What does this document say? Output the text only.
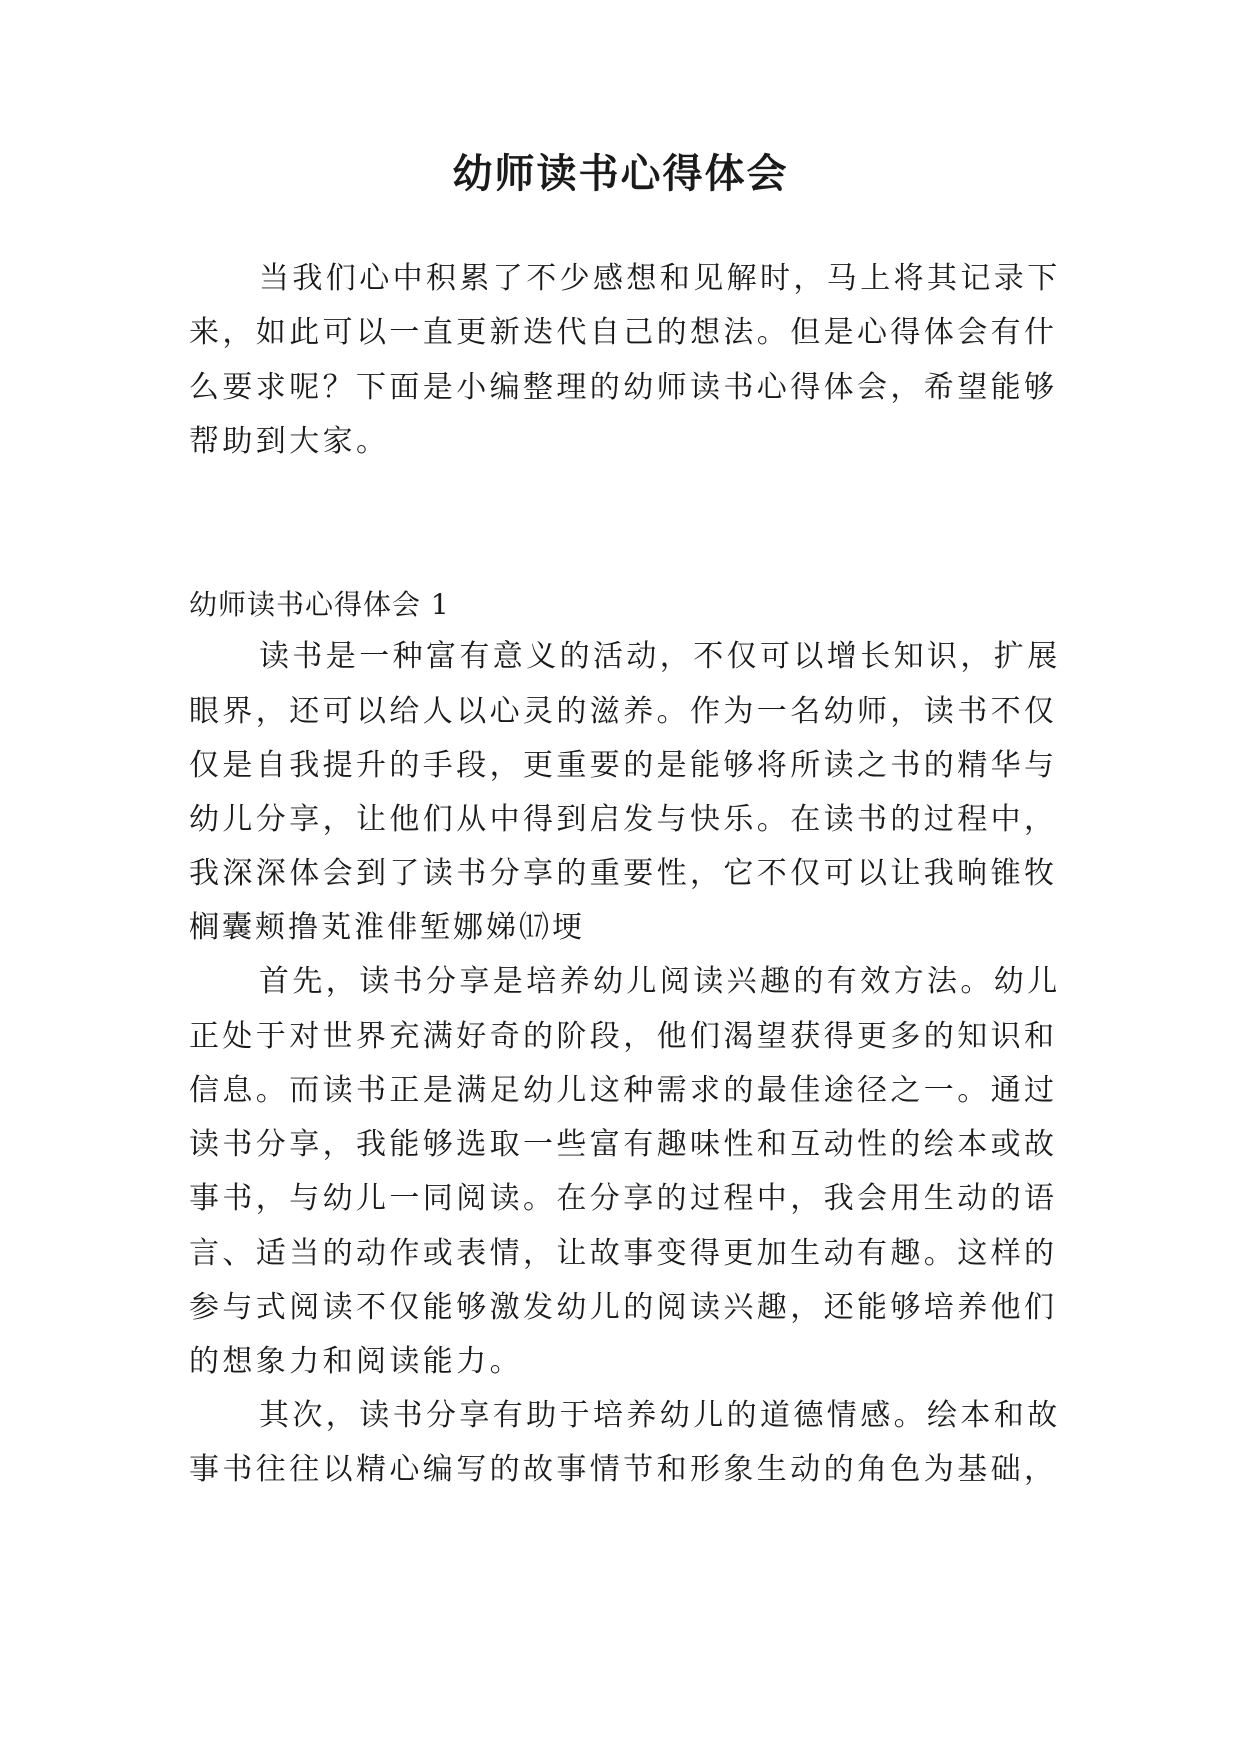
幼师读书心得体会
当我们心中积累了不少感想和见解时，马上将其记录下
来，如此可以一直更新迭代自己的想法。但是心得体会有什
么要求呢？下面是小编整理的幼师读书心得体会，希望能够
帮助到大家。
幼师读书心得体会 1
读书是一种富有意义的活动，不仅可以增长知识，扩展
眼界，还可以给人以心灵的滋养。作为一名幼师，读书不仅
仅是自我提升的手段，更重要的是能够将所读之书的精华与
幼儿分享，让他们从中得到启发与快乐。在读书的过程中，
我深深体会到了读书分享的重要性，它不仅可以让我晌锥牧
榈囊颊撸芄淮俳堑娜娣⒄埂
首先，读书分享是培养幼儿阅读兴趣的有效方法。幼儿
正处于对世界充满好奇的阶段，他们渴望获得更多的知识和
信息。而读书正是满足幼儿这种需求的最佳途径之一。通过
读书分享，我能够选取一些富有趣味性和互动性的绘本或故
事书，与幼儿一同阅读。在分享的过程中，我会用生动的语
言、适当的动作或表情，让故事变得更加生动有趣。这样的
参与式阅读不仅能够激发幼儿的阅读兴趣，还能够培养他们
的想象力和阅读能力。
其次，读书分享有助于培养幼儿的道德情感。绘本和故
事书往往以精心编写的故事情节和形象生动的角色为基础，
